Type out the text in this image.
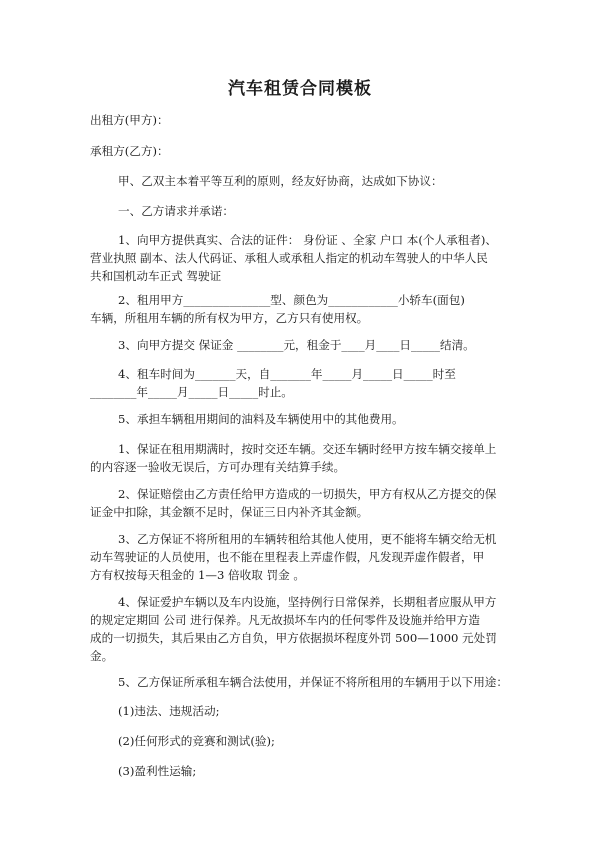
汽车租赁合同模板
出租方(甲方)：
承租方(乙方)：
甲、乙双主本着平等互利的原则，经友好协商，达成如下协议：
一、乙方请求并承诺：
1、向甲方提供真实、合法的证件： 身份证 、全家 户口 本(个人承租者)、
营业执照 副本、法人代码证、承租人或承租人指定的机动车驾驶人的中华人民
共和国机动车正式 驾驶证
2、租用甲方_______________型、颜色为____________小轿车(面包)
车辆，所租用车辆的所有权为甲方，乙方只有使用权。
3、向甲方提交 保证金 ________元，租金于____月____日_____结清。
4、租车时间为_______天，自_______年_____月_____日_____时至
________年_____月_____日_____时止。
5、承担车辆租用期间的油料及车辆使用中的其他费用。
1、保证在租用期满时，按时交还车辆。交还车辆时经甲方按车辆交接单上
的内容逐一验收无误后，方可办理有关结算手续。
2、保证赔偿由乙方责任给甲方造成的一切损失，甲方有权从乙方提交的保
证金中扣除，其金额不足时，保证三日内补齐其金额。
3、乙方保证不将所租用的车辆转租给其他人使用，更不能将车辆交给无机
动车驾驶证的人员使用，也不能在里程表上弄虚作假，凡发现弄虚作假者，甲
方有权按每天租金的 1—3 倍收取 罚金 。
4、保证爱护车辆以及车内设施，坚持例行日常保养，长期租者应服从甲方
的规定定期回 公司 进行保养。凡无故损坏车内的任何零件及设施并给甲方造
成的一切损失，其后果由乙方自负，甲方依据损坏程度外罚 500—1000 元处罚
金。
5、乙方保证所承租车辆合法使用，并保证不将所租用的车辆用于以下用途：
(1)违法、违规活动;
(2)任何形式的竞赛和测试(验);
(3)盈利性运输;
